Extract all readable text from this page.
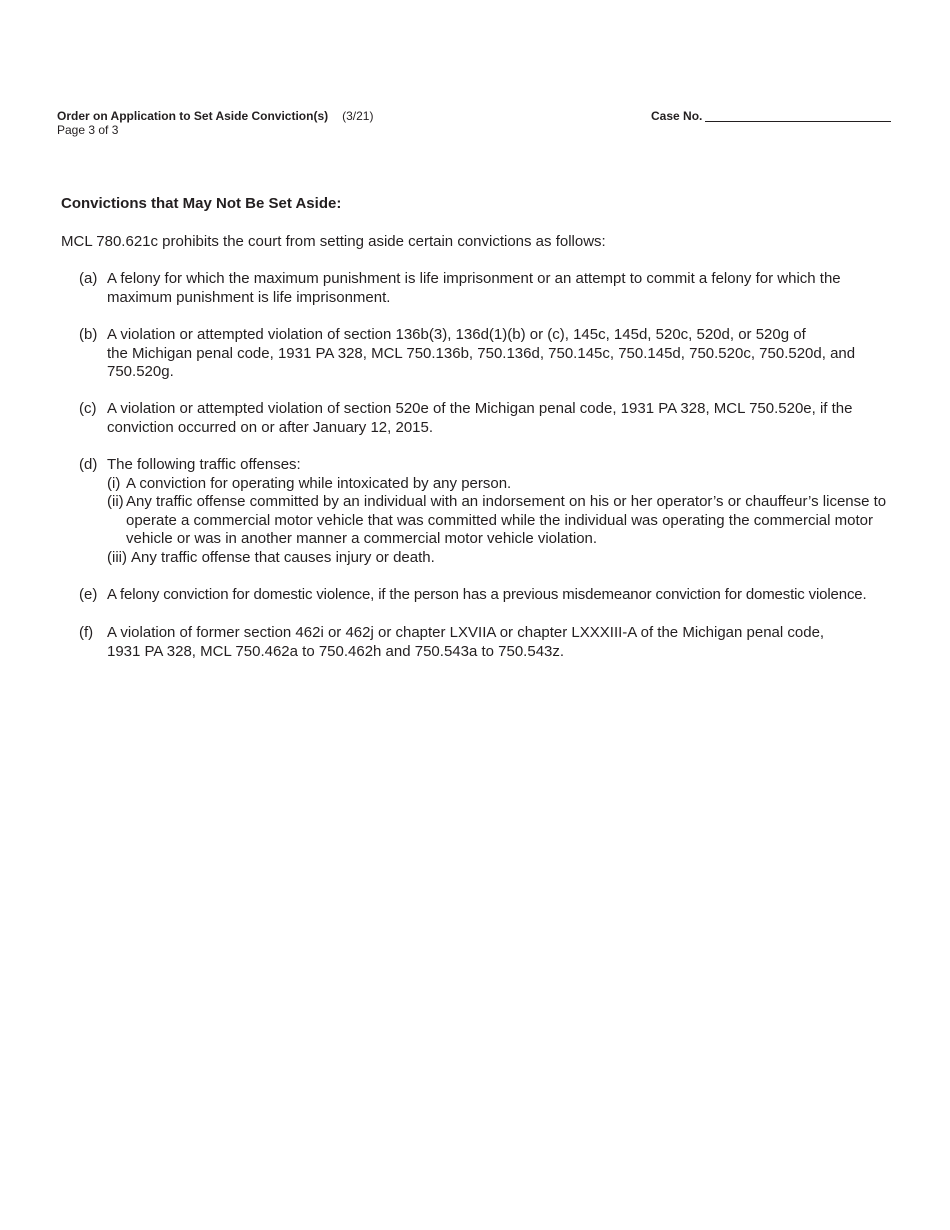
Order on Application to Set Aside Conviction(s) (3/21)
Page 3 of 3
Case No.
Convictions that May Not Be Set Aside:
MCL 780.621c prohibits the court from setting aside certain convictions as follows:
(a) A felony for which the maximum punishment is life imprisonment or an attempt to commit a felony for which the maximum punishment is life imprisonment.
(b) A violation or attempted violation of section 136b(3), 136d(1)(b) or (c), 145c, 145d, 520c, 520d, or 520g of
the Michigan penal code, 1931 PA 328, MCL 750.136b, 750.136d, 750.145c, 750.145d, 750.520c, 750.520d, and 750.520g.
(c) A violation or attempted violation of section 520e of the Michigan penal code, 1931 PA 328, MCL 750.520e, if the conviction occurred on or after January 12, 2015.
(d) The following traffic offenses:
(i) A conviction for operating while intoxicated by any person.
(ii) Any traffic offense committed by an individual with an indorsement on his or her operator’s or chauffeur’s license to operate a commercial motor vehicle that was committed while the individual was operating the commercial motor vehicle or was in another manner a commercial motor vehicle violation.
(iii) Any traffic offense that causes injury or death.
(e) A felony conviction for domestic violence, if the person has a previous misdemeanor conviction for domestic violence.
(f) A violation of former section 462i or 462j or chapter LXVIIA or chapter LXXXIII-A of the Michigan penal code,
1931 PA 328, MCL 750.462a to 750.462h and 750.543a to 750.543z.
